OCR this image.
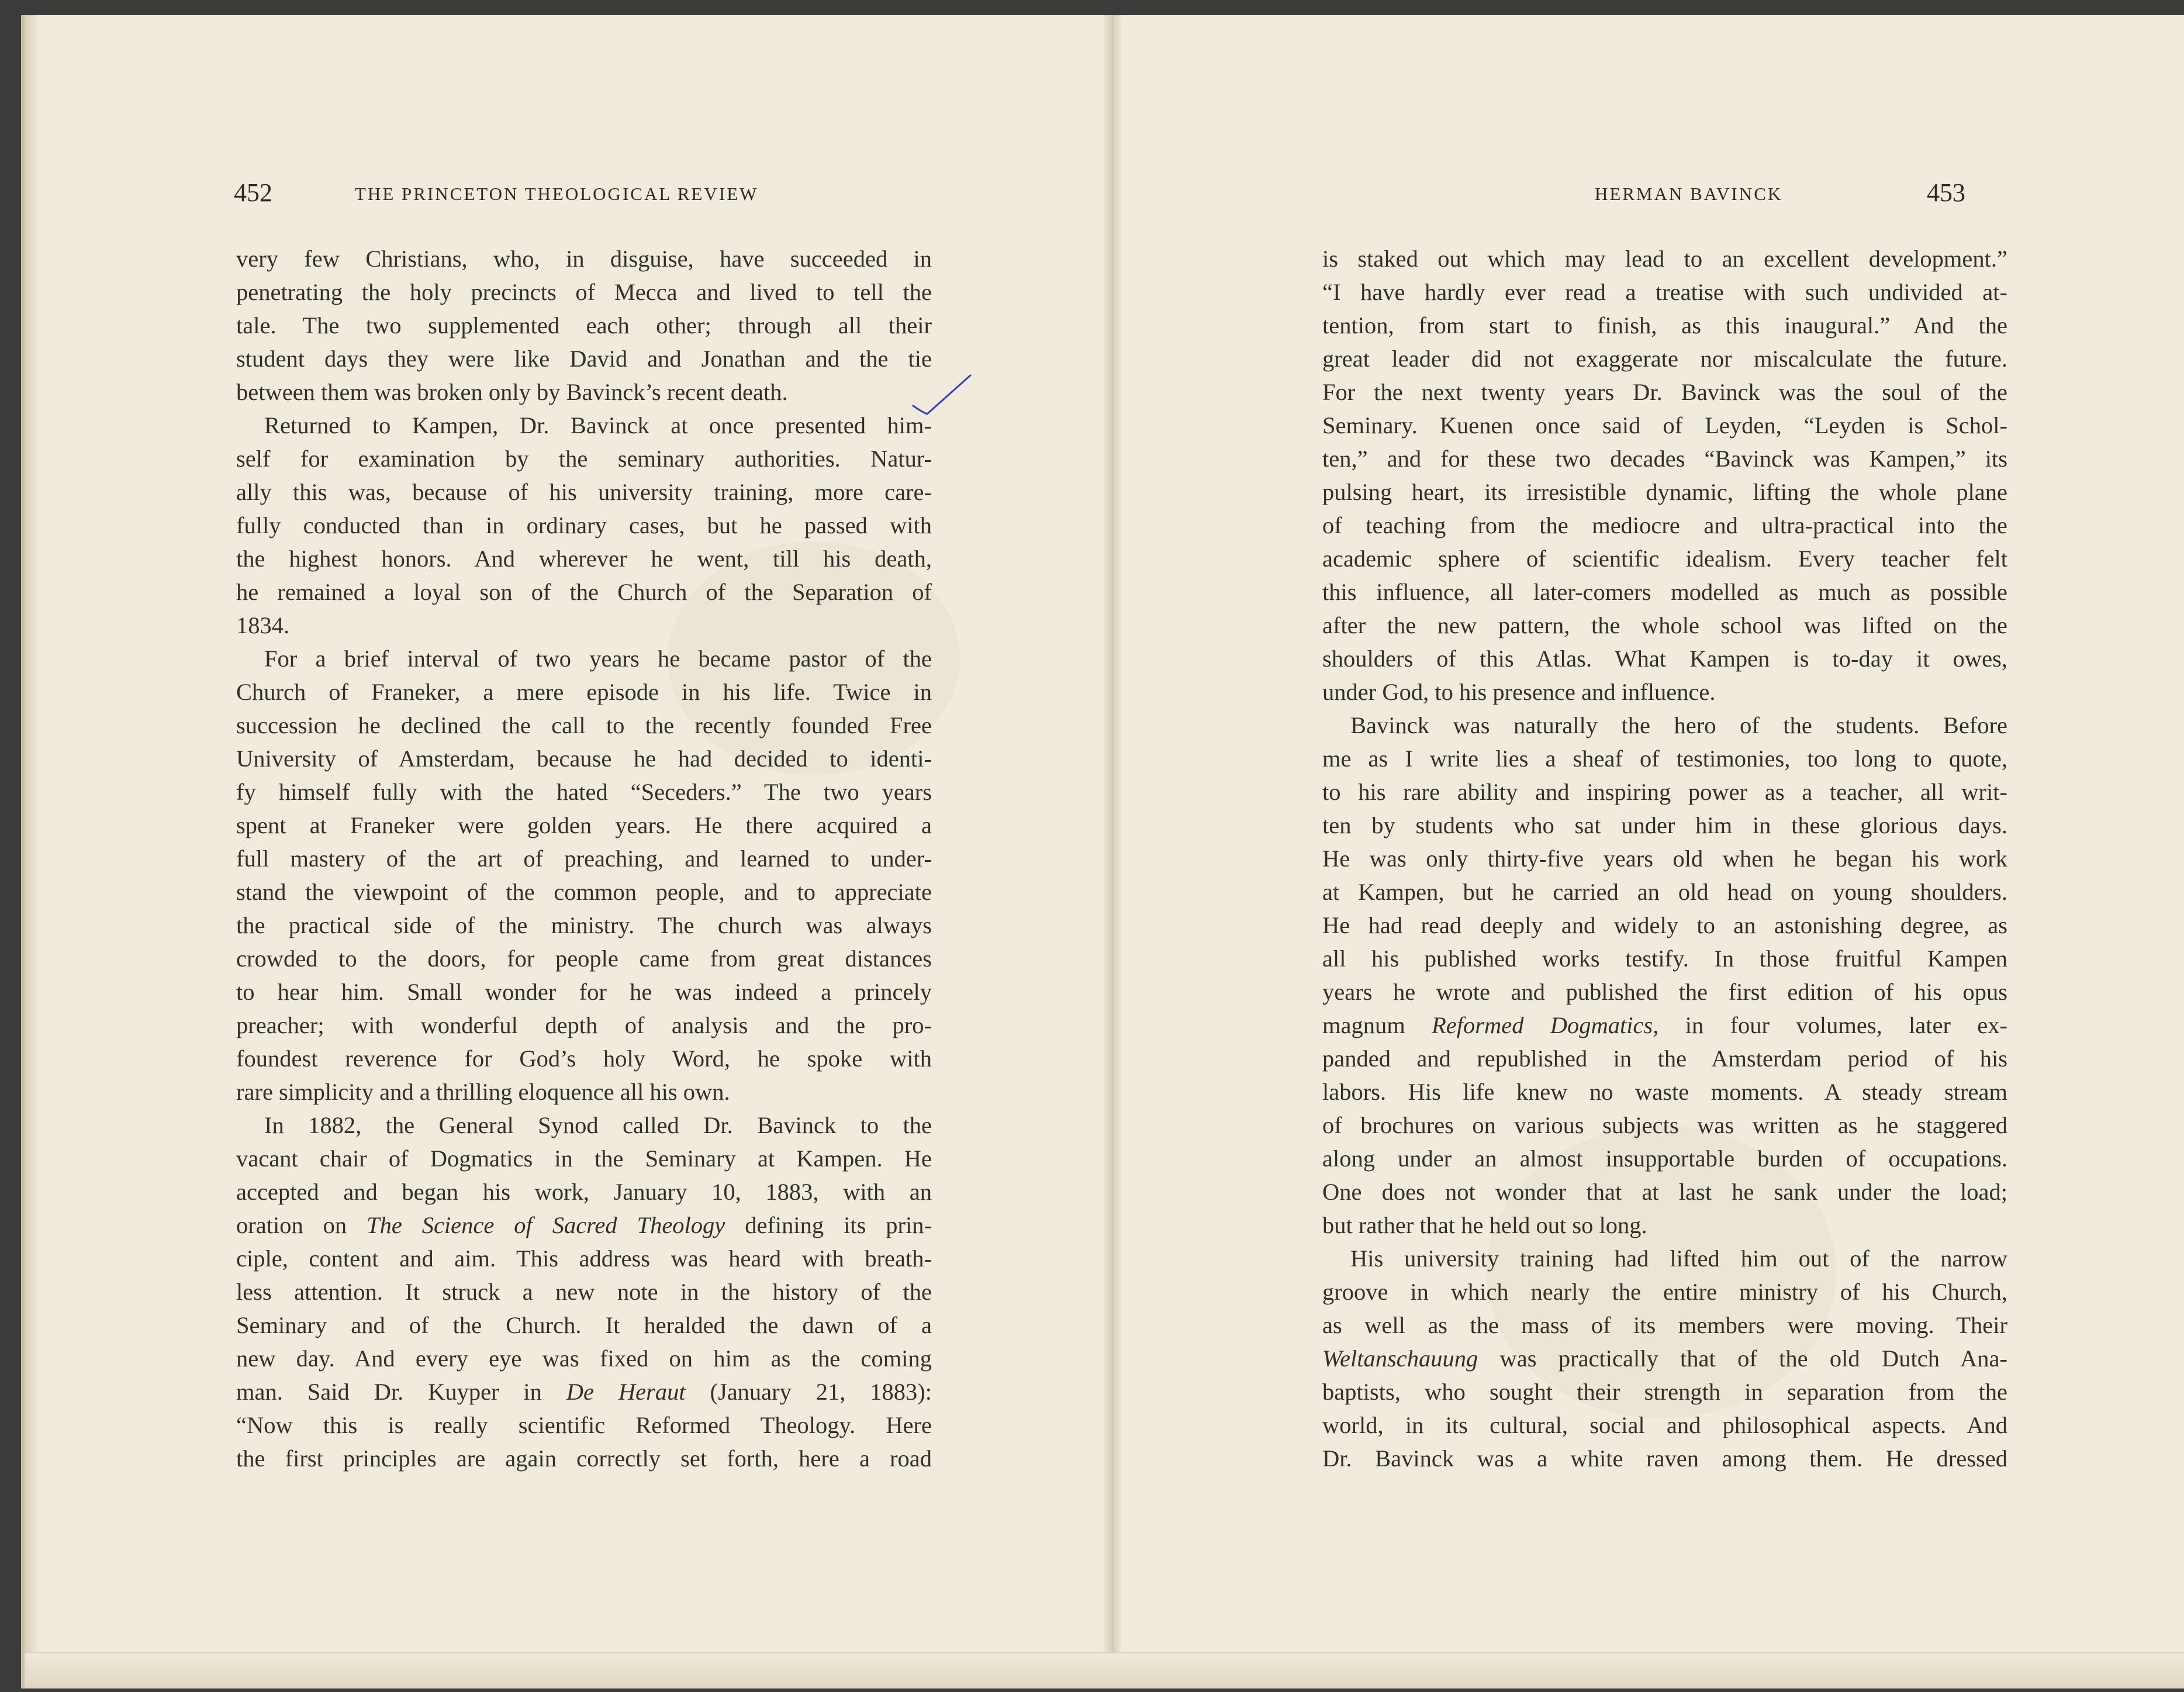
452	THE PRINCETON THEOLOGICAL REVIEW
very few Christians, who, in disguise, have succeeded in
penetrating the holy precincts of Mecca and lived to tell the
tale. The two supplemented each other; through all their
student days they were like David and Jonathan and the tie
between them was broken only by Bavinck’s recent death.
Returned to Kampen, Dr. Bavinck at once presented him-
self for examination by the seminary authorities. Natur-
ally this was, because of his university training, more care-
fully conducted than in ordinary cases, but he passed with
the highest honors. And wherever he went, till his death,
he remained a loyal son of the Church of the Separation of
1834.
For a brief interval of two years he became pastor of the
Church of Franeker, a mere episode in his life. Twice in
succession he declined the call to the recently founded Free
University of Amsterdam, because he had decided to identi-
fy himself fully with the hated “Seceders.” The two years
spent at Franeker were golden years. He there acquired a
full mastery of the art of preaching, and learned to under-
stand the viewpoint of the common people, and to appreciate
the practical side of the ministry. The church was always
crowded to the doors, for people came from great distances
to hear him. Small wonder for he was indeed a princely
preacher; with wonderful depth of analysis and the pro-
foundest reverence for God’s holy Word, he spoke with
rare simplicity and a thrilling eloquence all his own.
In 1882, the General Synod called Dr. Bavinck to the
vacant chair of Dogmatics in the Seminary at Kampen. He
accepted and began his work, January 10, 1883, with an
oration on The Science of Sacred Theology defining its prin-
ciple, content and aim. This address was heard with breath-
less attention. It struck a new note in the history of the
Seminary and of the Church. It heralded the dawn of a
new day. And every eye was fixed on him as the coming
man. Said Dr. Kuyper in De Heraut (January 21, 1883):
“Now this is really scientific Reformed Theology. Here
the first principles are again correctly set forth, here a road
HERMAN BAVINCK	453
is staked out which may lead to an excellent development.”
“I have hardly ever read a treatise with such undivided at-
tention, from start to finish, as this inaugural.” And the
great leader did not exaggerate nor miscalculate the future.
For the next twenty years Dr. Bavinck was the soul of the
Seminary. Kuenen once said of Leyden, “Leyden is Schol-
ten,” and for these two decades “Bavinck was Kampen,” its
pulsing heart, its irresistible dynamic, lifting the whole plane
of teaching from the mediocre and ultra-practical into the
academic sphere of scientific idealism. Every teacher felt
this influence, all later-comers modelled as much as possible
after the new pattern, the whole school was lifted on the
shoulders of this Atlas. What Kampen is to-day it owes,
under God, to his presence and influence.
Bavinck was naturally the hero of the students. Before
me as I write lies a sheaf of testimonies, too long to quote,
to his rare ability and inspiring power as a teacher, all writ-
ten by students who sat under him in these glorious days.
He was only thirty-five years old when he began his work
at Kampen, but he carried an old head on young shoulders.
He had read deeply and widely to an astonishing degree, as
all his published works testify. In those fruitful Kampen
years he wrote and published the first edition of his opus
magnum Reformed Dogmatics, in four volumes, later ex-
panded and republished in the Amsterdam period of his
labors. His life knew no waste moments. A steady stream
of brochures on various subjects was written as he staggered
along under an almost insupportable burden of occupations.
One does not wonder that at last he sank under the load;
but rather that he held out so long.
His university training had lifted him out of the narrow
groove in which nearly the entire ministry of his Church,
as well as the mass of its members were moving. Their
Weltanschauung was practically that of the old Dutch Ana-
baptists, who sought their strength in separation from the
world, in its cultural, social and philosophical aspects. And
Dr. Bavinck was a white raven among them. He dressed
